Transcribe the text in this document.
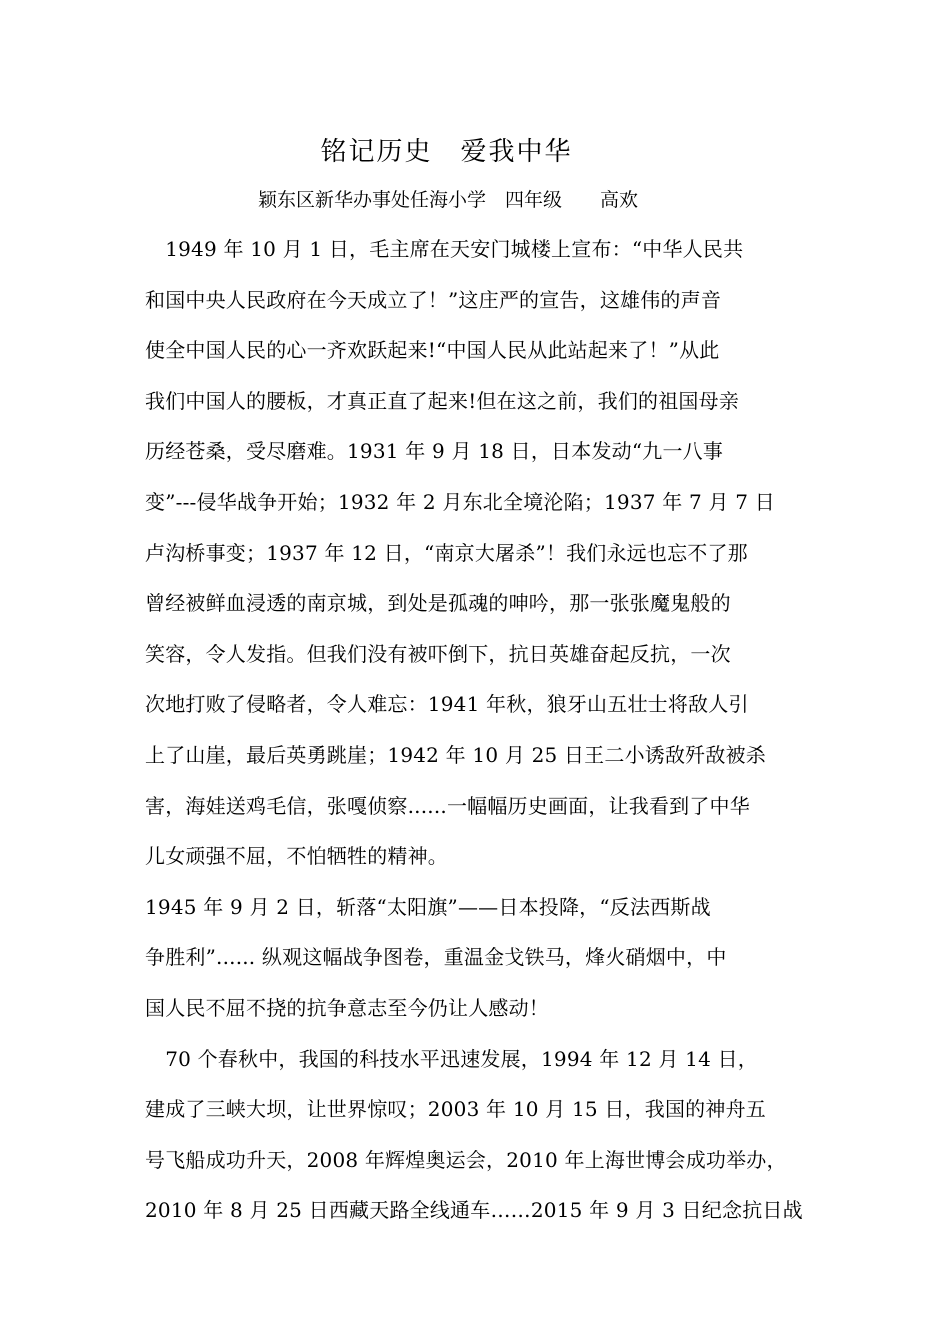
铭记历史　爱我中华
颖东区新华办事处任海小学　四年级　　高欢
　1949 年 10 月 1 日，毛主席在天安门城楼上宣布：“中华人民共
和国中央人民政府在今天成立了！”这庄严的宣告，这雄伟的声音
使全中国人民的心一齐欢跃起来!“中国人民从此站起来了！”从此
我们中国人的腰板，才真正直了起来!但在这之前，我们的祖国母亲
历经苍桑，受尽磨难。1931 年 9 月 18 日，日本发动“九一八事
变”---侵华战争开始；1932 年 2 月东北全境沦陷；1937 年 7 月 7 日
卢沟桥事变；1937 年 12 日，“南京大屠杀”！我们永远也忘不了那
曾经被鲜血浸透的南京城，到处是孤魂的呻吟，那一张张魔鬼般的
笑容，令人发指。但我们没有被吓倒下，抗日英雄奋起反抗，一次
次地打败了侵略者，令人难忘：1941 年秋，狼牙山五壮士将敌人引
上了山崖，最后英勇跳崖；1942 年 10 月 25 日王二小诱敌歼敌被杀
害，海娃送鸡毛信，张嘎侦察......一幅幅历史画面，让我看到了中华
儿女顽强不屈，不怕牺牲的精神。
1945 年 9 月 2 日，斩落“太阳旗”——日本投降，“反法西斯战
争胜利”...... 纵观这幅战争图卷，重温金戈铁马，烽火硝烟中，中
国人民不屈不挠的抗争意志至今仍让人感动！
　70 个春秋中，我国的科技水平迅速发展，1994 年 12 月 14 日，
建成了三峡大坝，让世界惊叹；2003 年 10 月 15 日，我国的神舟五
号飞船成功升天，2008 年辉煌奥运会，2010 年上海世博会成功举办，
2010 年 8 月 25 日西藏天路全线通车……2015 年 9 月 3 日纪念抗日战
